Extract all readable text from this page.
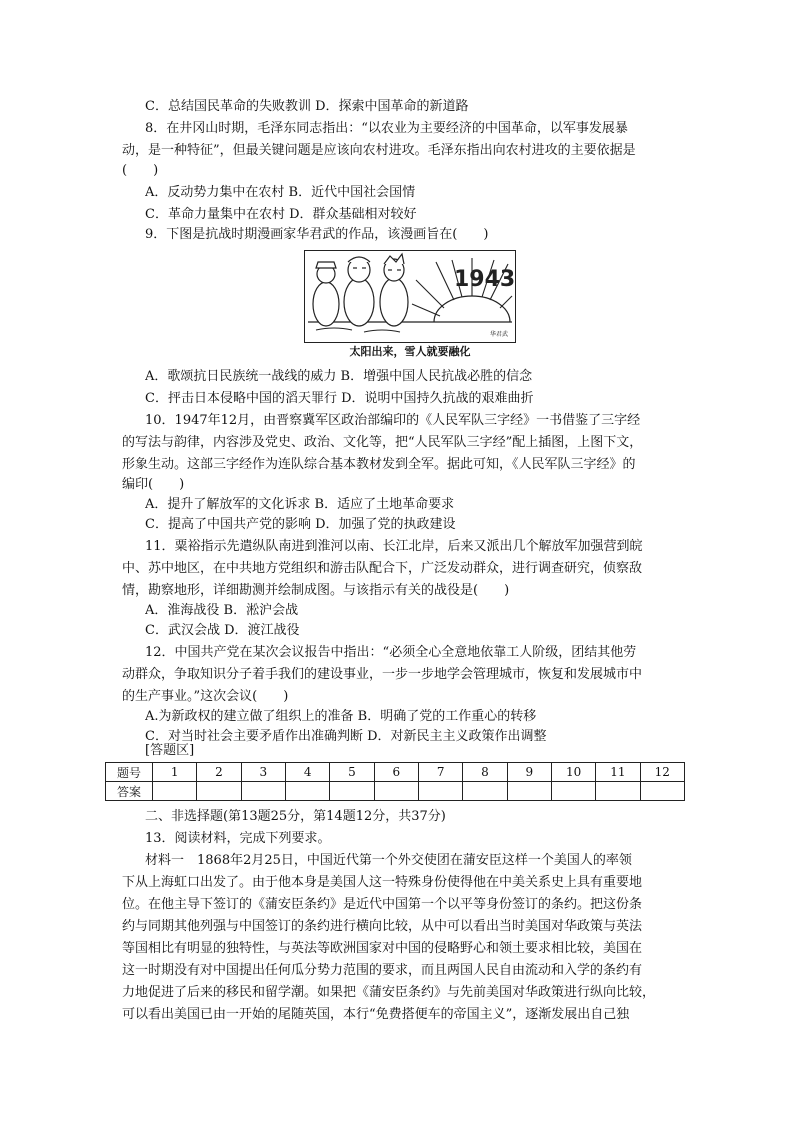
C．总结国民革命的失败教训 D．探索中国革命的新道路
8．在井冈山时期，毛泽东同志指出：“以农业为主要经济的中国革命，以军事发展暴
动，是一种特征”，但最关键问题是应该向农村进攻。毛泽东指出向农村进攻的主要依据是
(　　)
A．反动势力集中在农村 B．近代中国社会国情
C．革命力量集中在农村 D．群众基础相对较好
9．下图是抗战时期漫画家华君武的作品，该漫画旨在(　　)
1943
华君武
太阳出来，雪人就要融化
A．歌颂抗日民族统一战线的威力 B．增强中国人民抗战必胜的信念
C．抨击日本侵略中国的滔天罪行 D．说明中国持久抗战的艰难曲折
10．1947年12月，由晋察冀军区政治部编印的《人民军队三字经》一书借鉴了三字经
的写法与韵律，内容涉及党史、政治、文化等，把“人民军队三字经”配上插图，上图下文，
形象生动。这部三字经作为连队综合基本教材发到全军。据此可知，《人民军队三字经》的
编印(　　)
A．提升了解放军的文化诉求 B．适应了土地革命要求
C．提高了中国共产党的影响 D．加强了党的执政建设
11．粟裕指示先遣纵队南进到淮河以南、长江北岸，后来又派出几个解放军加强营到皖
中、苏中地区，在中共地方党组织和游击队配合下，广泛发动群众，进行调查研究，侦察敌
情，勘察地形，详细勘测并绘制成图。与该指示有关的战役是(　　)
A．淮海战役 B．淞沪会战
C．武汉会战 D．渡江战役
12．中国共产党在某次会议报告中指出：“必须全心全意地依靠工人阶级，团结其他劳
动群众，争取知识分子着手我们的建设事业，一步一步地学会管理城市，恢复和发展城市中
的生产事业。”这次会议(　　)
A.为新政权的建立做了组织上的准备 B．明确了党的工作重心的转移
C．对当时社会主要矛盾作出准确判断 D．对新民主主义政策作出调整
[答题区]
题号	1	2	3	4	5	6	7	8	9	10	11	12
答案												
二、非选择题(第13题25分，第14题12分，共37分)
13．阅读材料，完成下列要求。
材料一　1868年2月25日，中国近代第一个外交使团在蒲安臣这样一个美国人的率领
下从上海虹口出发了。由于他本身是美国人这一特殊身份使得他在中美关系史上具有重要地
位。在他主导下签订的《蒲安臣条约》是近代中国第一个以平等身份签订的条约。把这份条
约与同期其他列强与中国签订的条约进行横向比较，从中可以看出当时美国对华政策与英法
等国相比有明显的独特性，与英法等欧洲国家对中国的侵略野心和领土要求相比较，美国在
这一时期没有对中国提出任何瓜分势力范围的要求，而且两国人民自由流动和入学的条约有
力地促进了后来的移民和留学潮。如果把《蒲安臣条约》与先前美国对华政策进行纵向比较，
可以看出美国已由一开始的尾随英国，本行“免费搭便车的帝国主义”，逐渐发展出自己独
